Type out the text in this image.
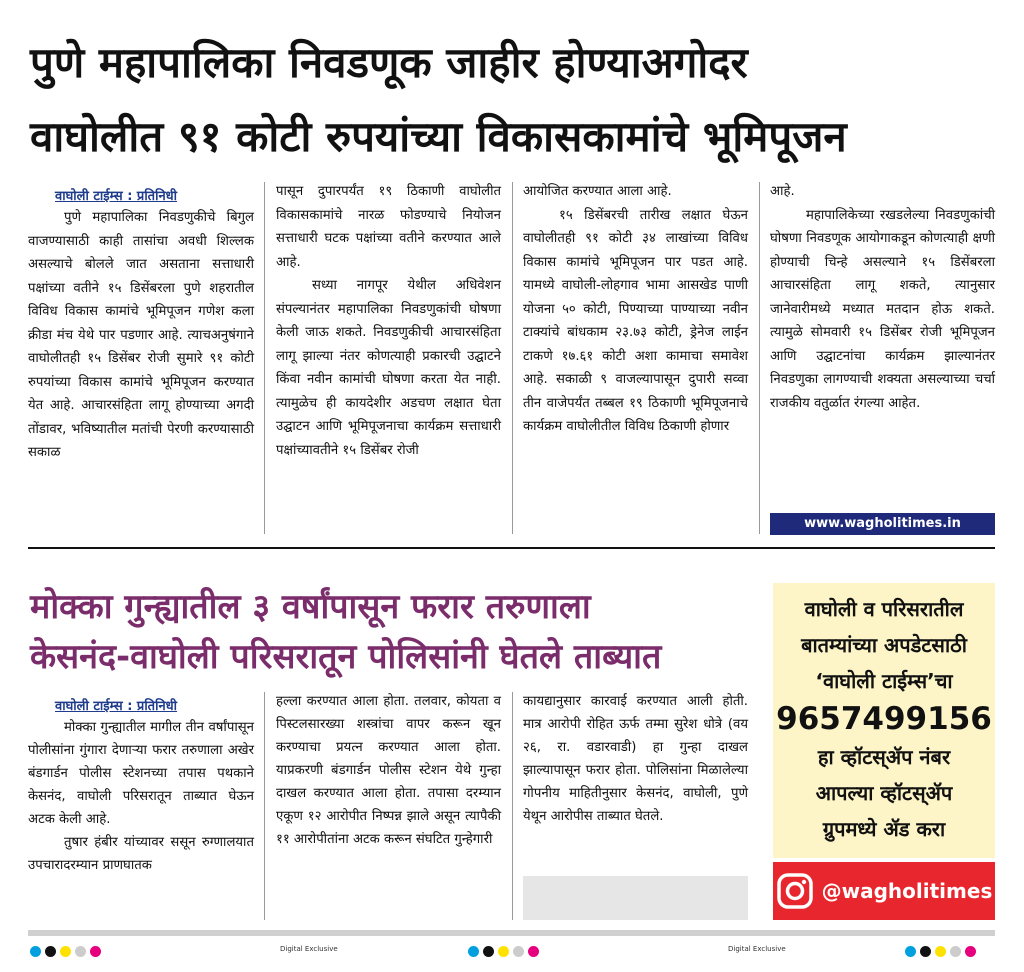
पुणे महापालिका निवडणूक जाहीर होण्याअगोदर
वाघोलीत ९१ कोटी रुपयांच्या विकासकामांचे भूमिपूजन
वाघोली टाईम्स : प्रतिनिधी

पुणे महापालिका निवडणुकीचे बिगुल वाजण्यासाठी काही तासांचा अवधी शिल्लक असल्याचे बोलले जात असताना सत्ताधारी पक्षांच्या वतीने १५ डिसेंबरला पुणे शहरातील विविध विकास कामांचे भूमिपूजन गणेश कला क्रीडा मंच येथे पार पडणार आहे. त्याचअनुषंगाने वाघोलीतही १५ डिसेंबर रोजी सुमारे ९१ कोटी रुपयांच्या विकास कामांचे भूमिपूजन करण्यात येत आहे. आचारसंहिता लागू होण्याच्या अगदी तोंडावर, भविष्यातील मतांची पेरणी करण्यासाठी सकाळ

पासून दुपारपर्यंत १९ ठिकाणी वाघोलीत विकासकामांचे नारळ फोडण्याचे नियोजन सत्ताधारी घटक पक्षांच्या वतीने करण्यात आले आहे.

सध्या नागपूर येथील अधिवेशन संपल्यानंतर महापालिका निवडणुकांची घोषणा केली जाऊ शकते. निवडणुकीची आचारसंहिता लागू झाल्या नंतर कोणत्याही प्रकारची उद्घाटने किंवा नवीन कामांची घोषणा करता येत नाही. त्यामुळेच ही कायदेशीर अडचण लक्षात घेता उद्घाटन आणि भूमिपूजनाचा कार्यक्रम सत्ताधारी पक्षांच्यावतीने १५ डिसेंबर रोजी

आयोजित करण्यात आला आहे.

१५ डिसेंबरची तारीख लक्षात घेऊन वाघोलीतही ९१ कोटी ३४ लाखांच्या विविध विकास कामांचे भूमिपूजन पार पडत आहे. यामध्ये वाघोली-लोहगाव भामा आसखेड पाणी योजना ५० कोटी, पिण्याच्या पाण्याच्या नवीन टाक्यांचे बांधकाम २३.७३ कोटी, ड्रेनेज लाईन टाकणे १७.६१ कोटी अशा कामाचा समावेश आहे. सकाळी ९ वाजल्यापासून दुपारी सव्वा तीन वाजेपर्यंत तब्बल १९ ठिकाणी भूमिपूजनाचे कार्यक्रम वाघोलीतील विविध ठिकाणी होणार

आहे.

महापालिकेच्या रखडलेल्या निवडणुकांची घोषणा निवडणूक आयोगाकडून कोणत्याही क्षणी होण्याची चिन्हे असल्याने १५ डिसेंबरला आचारसंहिता लागू शकते, त्यानुसार जानेवारीमध्ये मध्यात मतदान होऊ शकते. त्यामुळे सोमवारी १५ डिसेंबर रोजी भूमिपूजन आणि उद्घाटनांचा कार्यक्रम झाल्यानंतर निवडणुका लागण्याची शक्यता असल्याच्या चर्चा राजकीय वतुर्ळात रंगल्या आहेत.

www.wagholitimes.in
मोक्का गुन्ह्यातील ३ वर्षांपासून फरार तरुणाला
केसनंद-वाघोली परिसरातून पोलिसांनी घेतले ताब्यात
वाघोली टाईम्स : प्रतिनिधी

मोक्का गुन्ह्यातील मागील तीन वर्षांपासून पोलीसांना गुंगारा देणाऱ्या फरार तरुणाला अखेर बंडगार्डन पोलीस स्टेशनच्या तपास पथकाने केसनंद, वाघोली परिसरातून ताब्यात घेऊन अटक केली आहे.

तुषार हंबीर यांच्यावर ससून रुग्णालयात उपचारादरम्यान प्राणघातक

हल्ला करण्यात आला होता. तलवार, कोयता व पिस्टलसारख्या शस्त्रांचा वापर करून खून करण्याचा प्रयत्न करण्यात आला होता. याप्रकरणी बंडगार्डन पोलीस स्टेशन येथे गुन्हा दाखल करण्यात आला होता. तपासा दरम्यान एकूण १२ आरोपीत निष्पन्न झाले असून त्यापैकी ११ आरोपीतांना अटक करून संघटित गुन्हेगारी

कायद्यानुसार कारवाई करण्यात आली होती. मात्र आरोपी रोहित ऊर्फ तम्मा सुरेश धोत्रे (वय २६, रा. वडारवाडी) हा गुन्हा दाखल झाल्यापासून फरार होता. पोलिसांना मिळालेल्या गोपनीय माहितीनुसार केसनंद, वाघोली, पुणे येथून आरोपीस ताब्यात घेतले.

वाघोली व परिसरातील
बातम्यांच्या अपडेटसाठी
‘वाघोली टाईम्स’चा
9657499156
हा व्हॉटस्ॲप नंबर
आपल्या व्हॉटस्ॲप
ग्रुपमध्ये ॲड करा
@wagholitimes
Digital Exclusive	Digital Exclusive
